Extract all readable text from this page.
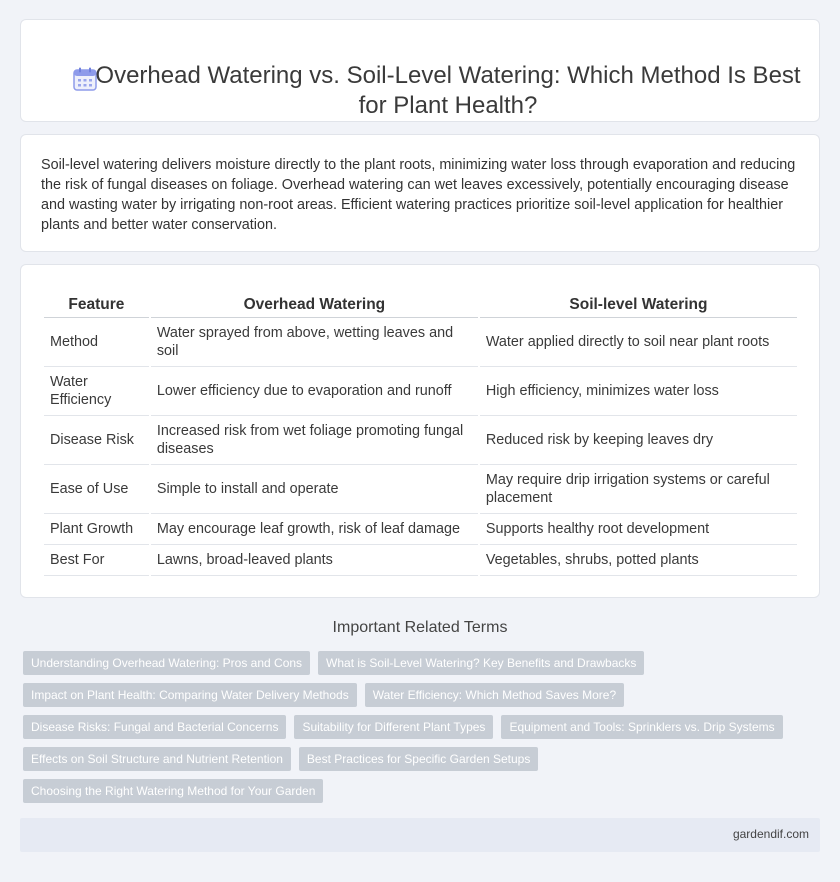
Overhead Watering vs. Soil-Level Watering: Which Method Is Best for Plant Health?

Soil-level watering delivers moisture directly to the plant roots, minimizing water loss through evaporation and reducing the risk of fungal diseases on foliage. Overhead watering can wet leaves excessively, potentially encouraging disease and wasting water by irrigating non-root areas. Efficient watering practices prioritize soil-level application for healthier plants and better water conservation.

Feature	Overhead Watering	Soil-level Watering
Method	Water sprayed from above, wetting leaves and soil	Water applied directly to soil near plant roots
Water Efficiency	Lower efficiency due to evaporation and runoff	High efficiency, minimizes water loss
Disease Risk	Increased risk from wet foliage promoting fungal diseases	Reduced risk by keeping leaves dry
Ease of Use	Simple to install and operate	May require drip irrigation systems or careful placement
Plant Growth	May encourage leaf growth, risk of leaf damage	Supports healthy root development
Best For	Lawns, broad-leaved plants	Vegetables, shrubs, potted plants
Important Related Terms
Understanding Overhead Watering: Pros and Cons	What is Soil-Level Watering? Key Benefits and Drawbacks
Impact on Plant Health: Comparing Water Delivery Methods	Water Efficiency: Which Method Saves More?
Disease Risks: Fungal and Bacterial Concerns	Suitability for Different Plant Types	Equipment and Tools: Sprinklers vs. Drip Systems
Effects on Soil Structure and Nutrient Retention	Best Practices for Specific Garden Setups
Choosing the Right Watering Method for Your Garden
gardendif.com
